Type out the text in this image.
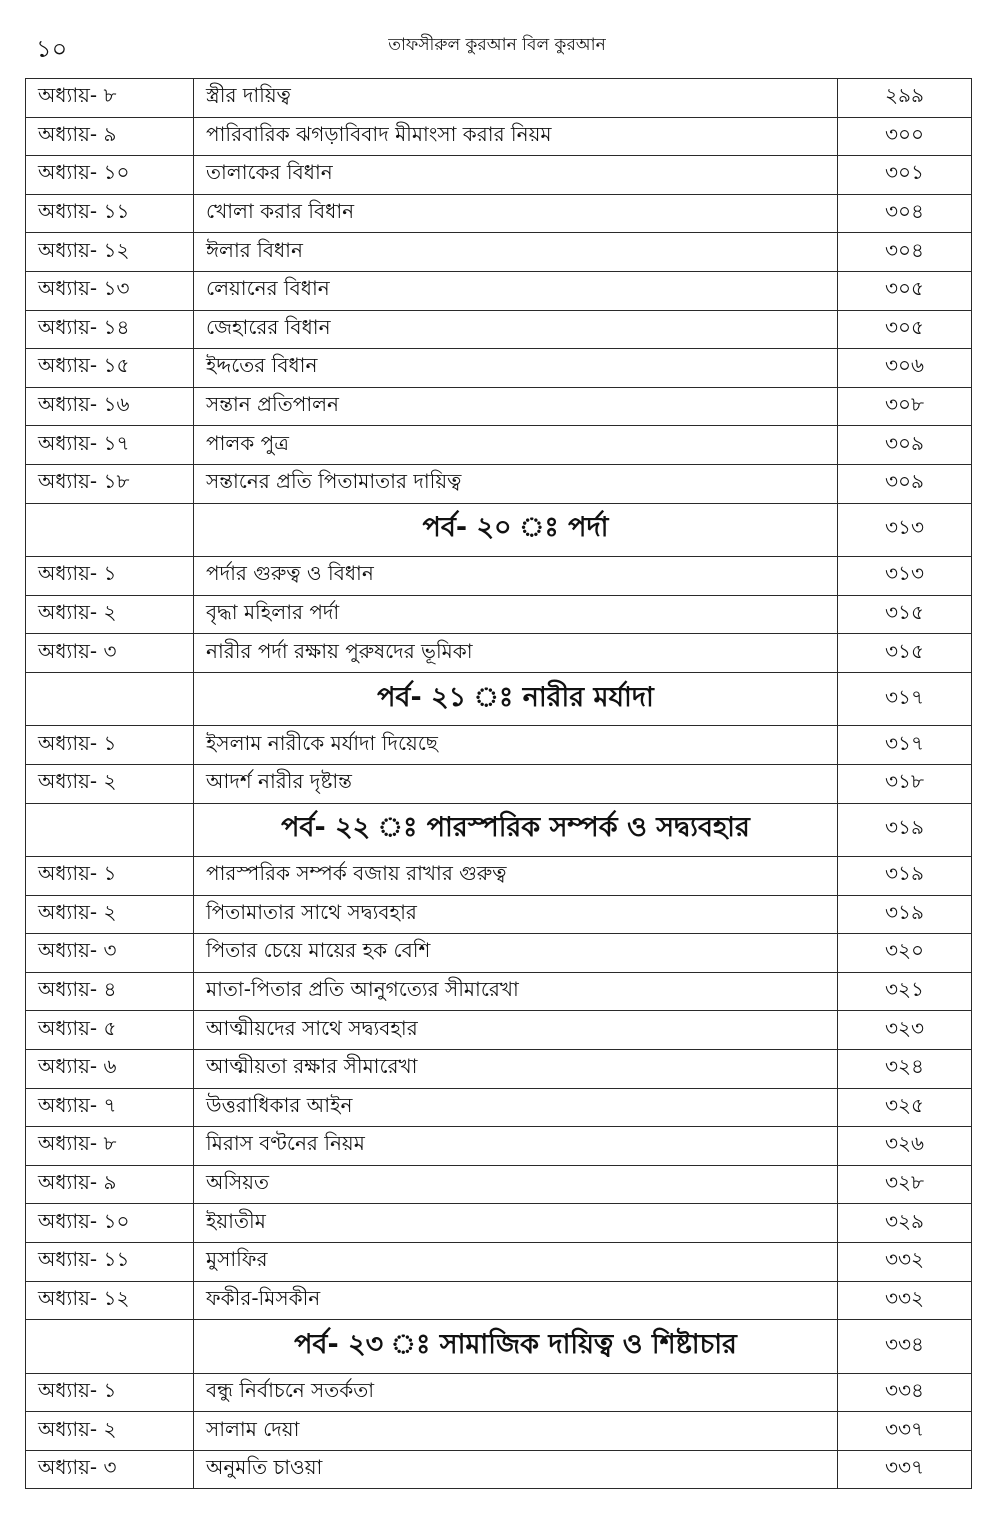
১০	তাফসীরুল কুরআন বিল কুরআন
অধ্যায়- ৮	স্ত্রীর দায়িত্ব	২৯৯
অধ্যায়- ৯	পারিবারিক ঝগড়াবিবাদ মীমাংসা করার নিয়ম	৩০০
অধ্যায়- ১০	তালাকের বিধান	৩০১
অধ্যায়- ১১	খোলা করার বিধান	৩০৪
অধ্যায়- ১২	ঈলার বিধান	৩০৪
অধ্যায়- ১৩	লেয়ানের বিধান	৩০৫
অধ্যায়- ১৪	জেহারের বিধান	৩০৫
অধ্যায়- ১৫	ইদ্দতের বিধান	৩০৬
অধ্যায়- ১৬	সন্তান প্রতিপালন	৩০৮
অধ্যায়- ১৭	পালক পুত্র	৩০৯
অধ্যায়- ১৮	সন্তানের প্রতি পিতামাতার দায়িত্ব	৩০৯
	পর্ব- ২০ ঃ পর্দা	৩১৩
অধ্যায়- ১	পর্দার গুরুত্ব ও বিধান	৩১৩
অধ্যায়- ২	বৃদ্ধা মহিলার পর্দা	৩১৫
অধ্যায়- ৩	নারীর পর্দা রক্ষায় পুরুষদের ভূমিকা	৩১৫
	পর্ব- ২১ ঃ নারীর মর্যাদা	৩১৭
অধ্যায়- ১	ইসলাম নারীকে মর্যাদা দিয়েছে	৩১৭
অধ্যায়- ২	আদর্শ নারীর দৃষ্টান্ত	৩১৮
	পর্ব- ২২ ঃ পারস্পরিক সম্পর্ক ও সদ্ব্যবহার	৩১৯
অধ্যায়- ১	পারস্পরিক সম্পর্ক বজায় রাখার গুরুত্ব	৩১৯
অধ্যায়- ২	পিতামাতার সাথে সদ্ব্যবহার	৩১৯
অধ্যায়- ৩	পিতার চেয়ে মায়ের হক বেশি	৩২০
অধ্যায়- ৪	মাতা-পিতার প্রতি আনুগত্যের সীমারেখা	৩২১
অধ্যায়- ৫	আত্মীয়দের সাথে সদ্ব্যবহার	৩২৩
অধ্যায়- ৬	আত্মীয়তা রক্ষার সীমারেখা	৩২৪
অধ্যায়- ৭	উত্তরাধিকার আইন	৩২৫
অধ্যায়- ৮	মিরাস বণ্টনের নিয়ম	৩২৬
অধ্যায়- ৯	অসিয়ত	৩২৮
অধ্যায়- ১০	ইয়াতীম	৩২৯
অধ্যায়- ১১	মুসাফির	৩৩২
অধ্যায়- ১২	ফকীর-মিসকীন	৩৩২
	পর্ব- ২৩ ঃ সামাজিক দায়িত্ব ও শিষ্টাচার	৩৩৪
অধ্যায়- ১	বন্ধু নির্বাচনে সতর্কতা	৩৩৪
অধ্যায়- ২	সালাম দেয়া	৩৩৭
অধ্যায়- ৩	অনুমতি চাওয়া	৩৩৭
